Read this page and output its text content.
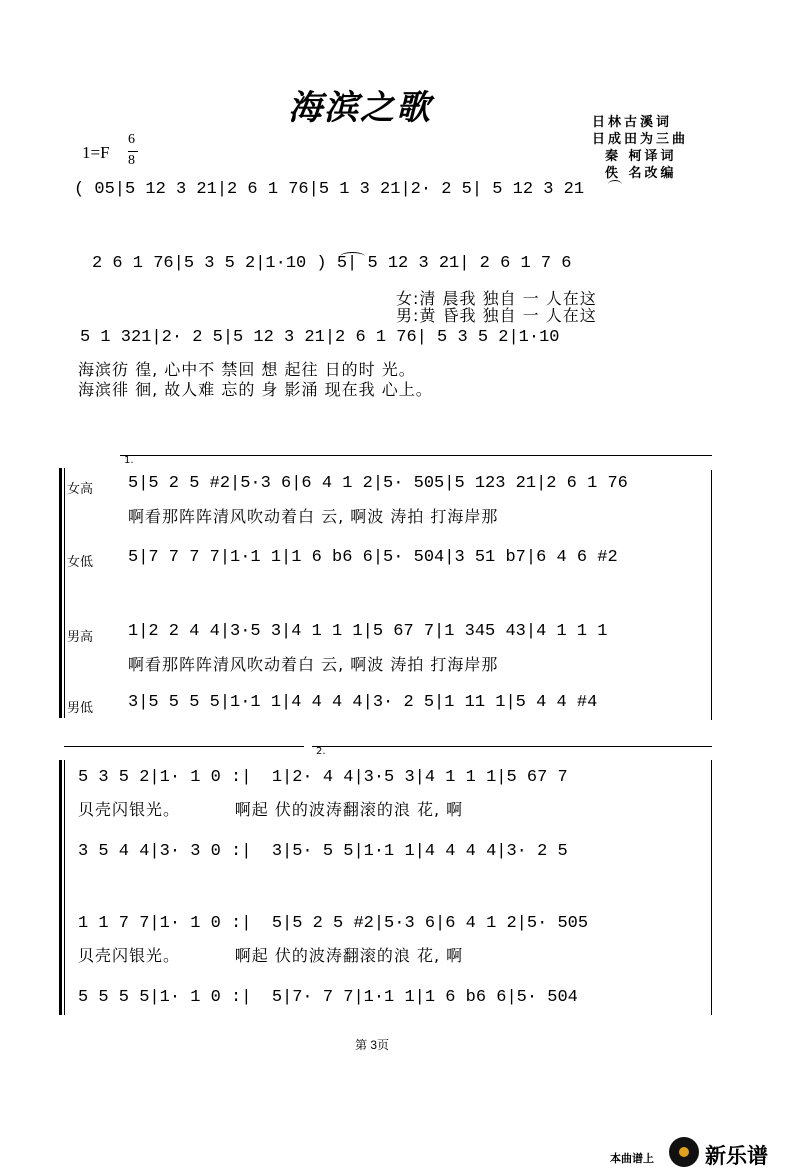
海滨之歌	日林古溪词
日成田为三曲
秦 柯译词
佚 名改编
1=F
6
8
( 05|5 12 3 21|2 6 1 76|5 1 3 21|2· 2 5| 5 12 3 21
2 6 1 76|5 3 5 2|1·10 ) 5| 5 12 3 21| 2 6 1 7 6
女:清 晨我 独自 一 人在这
男:黄 昏我 独自 一 人在这
5 1 321|2· 2 5|5 12 3 21|2 6 1 76| 5 3 5 2|1·10
海滨彷 徨, 心中不 禁回 想 起往 日的时 光。
海滨徘 徊, 故人难 忘的 身 影涌 现在我 心上。
1.
女高 5|5 2 5 #2|5·3 6|6 4 1 2|5· 505|5 123 21|2 6 1 76
啊看那阵阵清风吹动着白 云, 啊波 涛拍 打海岸那
女低 5|7 7 7 7|1·1 1|1 6 b6 6|5· 504|3 51 b7|6 4 6 #2
男高 1|2 2 4 4|3·5 3|4 1 1 1|5 67 7|1 345 43|4 1 1 1
啊看那阵阵清风吹动着白 云, 啊波 涛拍 打海岸那
男低 3|5 5 5 5|1·1 1|4 4 4 4|3· 2 5|1 11 1|5 4 4 #4
2.
5 3 5 2|1· 1 0 :|  1|2· 4 4|3·5 3|4 1 1 1|5 67 7
贝壳闪银光。         啊起 伏的波涛翻滚的浪 花, 啊
3 5 4 4|3· 3 0 :|  3|5· 5 5|1·1 1|4 4 4 4|3· 2 5
1 1 7 7|1· 1 0 :|  5|5 2 5 #2|5·3 6|6 4 1 2|5· 505
贝壳闪银光。         啊起 伏的波涛翻滚的浪 花, 啊
5 5 5 5|1· 1 0 :|  5|7· 7 7|1·1 1|1 6 b6 6|5· 504
第 3页
本曲谱上 新乐谱
